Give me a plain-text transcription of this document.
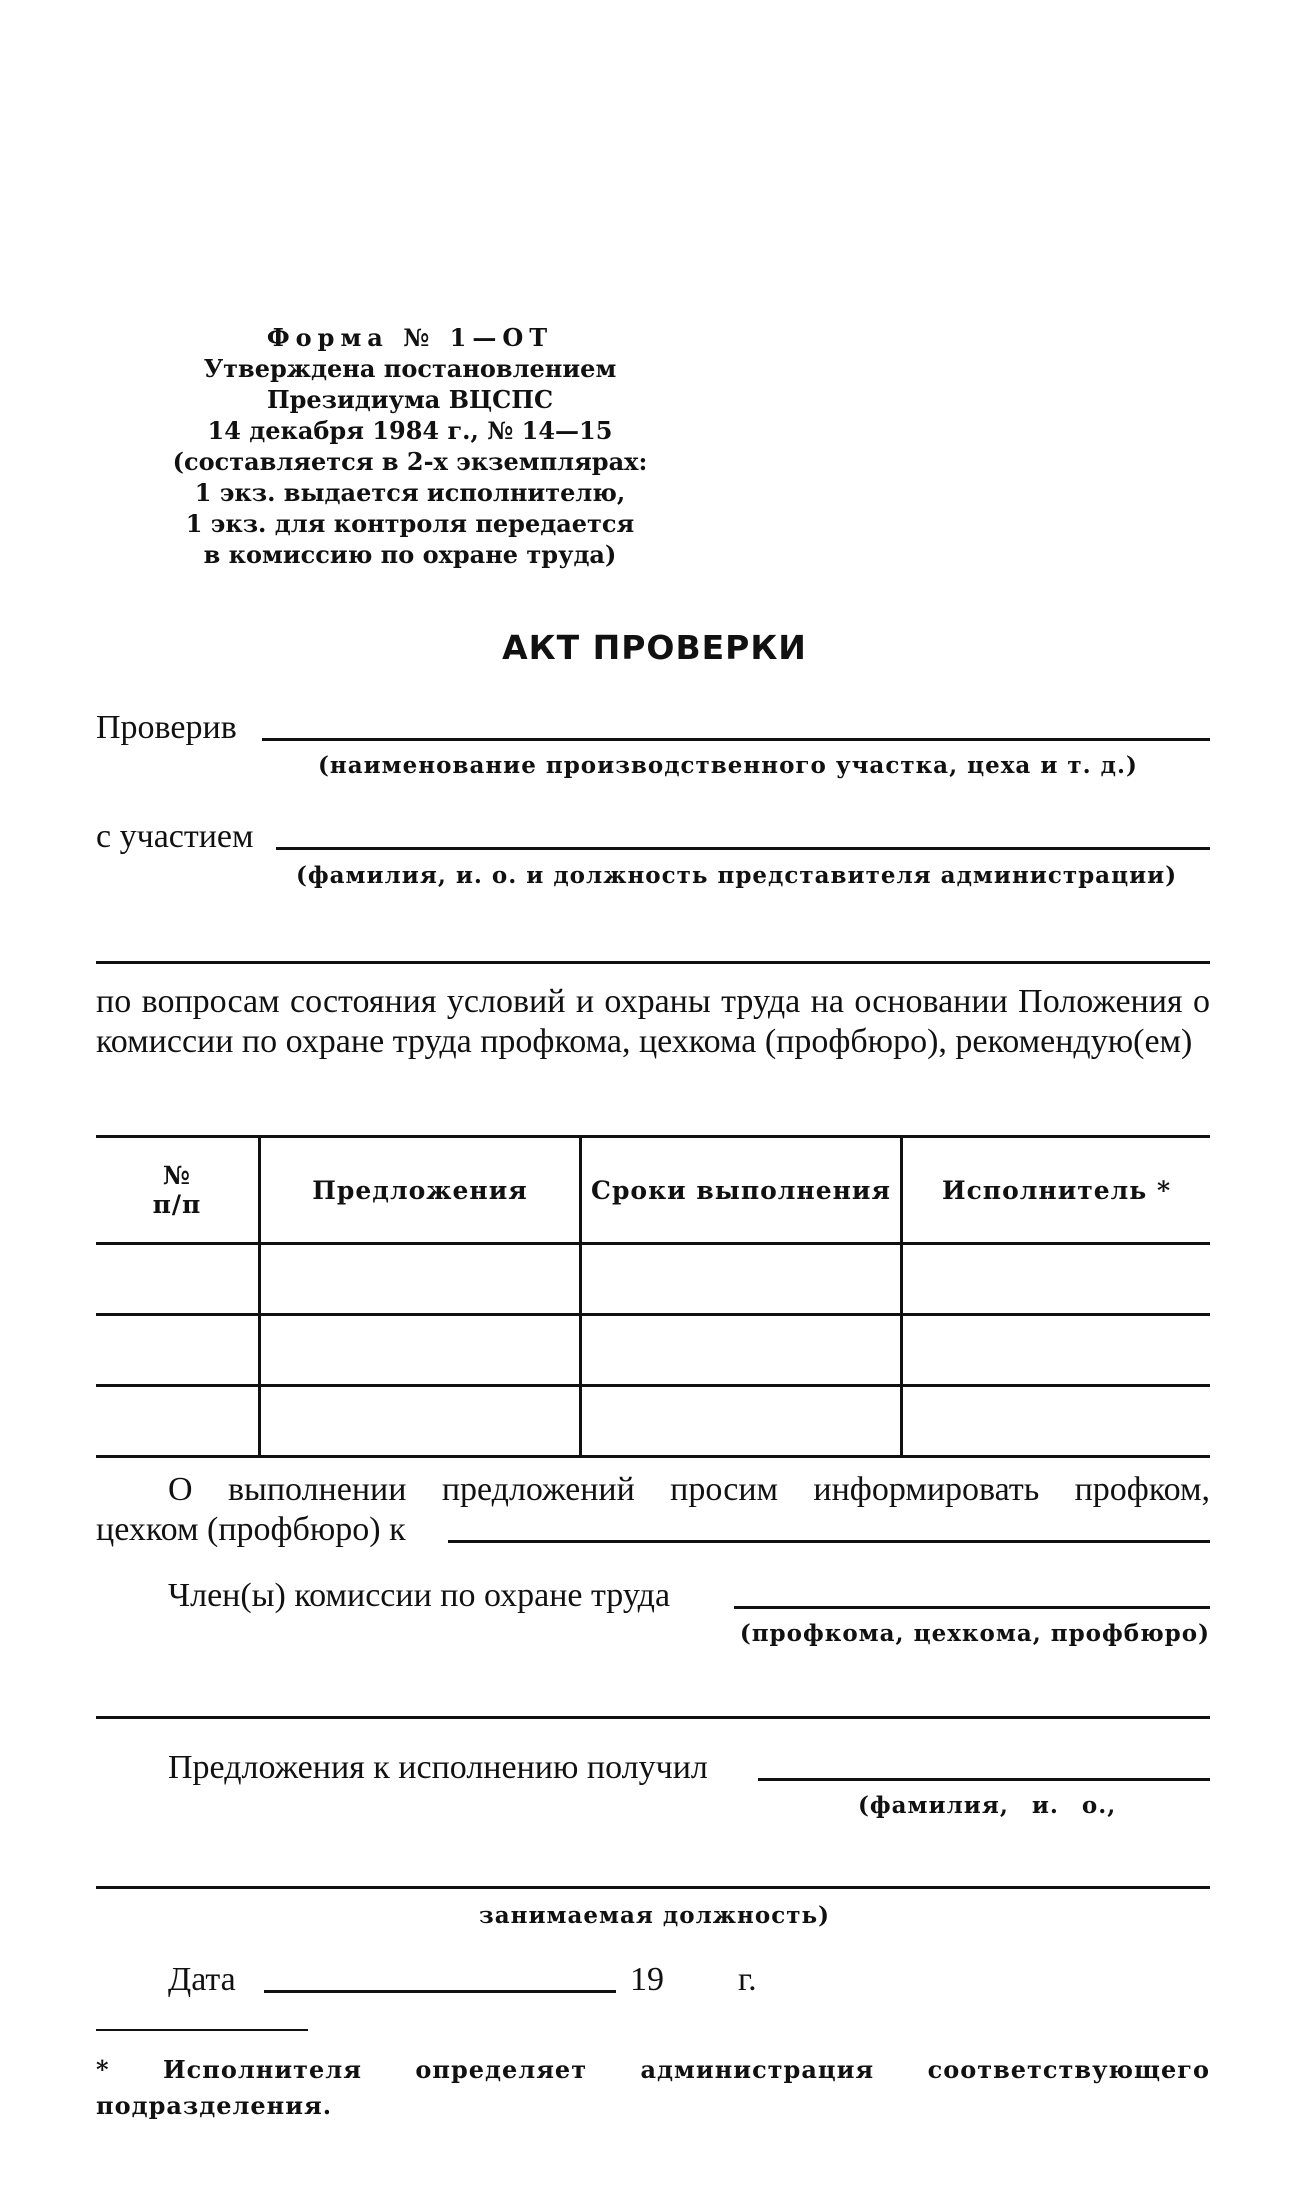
Форма № 1—ОТ
Утверждена постановлением
Президиума ВЦСПС
14 декабря 1984 г., № 14—15
(составляется в 2-х экземплярах:
1 экз. выдается исполнителю,
1 экз. для контроля передается
в комиссию по охране труда)
АКТ ПРОВЕРКИ
Проверив
(наименование производственного участка, цеха и т. д.)
с участием
(фамилия, и. о. и должность представителя администрации)
по вопросам состояния условий и охраны труда на основании Положения о комиссии по охране труда профкома, цехкома (профбюро), рекомендую(ем)
№
п/п	Предложения	Сроки выполнения	Исполнитель *

О выполнении предложений просим информировать профком,
цехком (профбюро) к
Член(ы) комиссии по охране труда
(профкома, цехкома, профбюро)
Предложения к исполнению получил
(фамилия, и. о.,
занимаемая должность)
Дата	19 г.
* Исполнителя определяет администрация соответствующего подразделения.
